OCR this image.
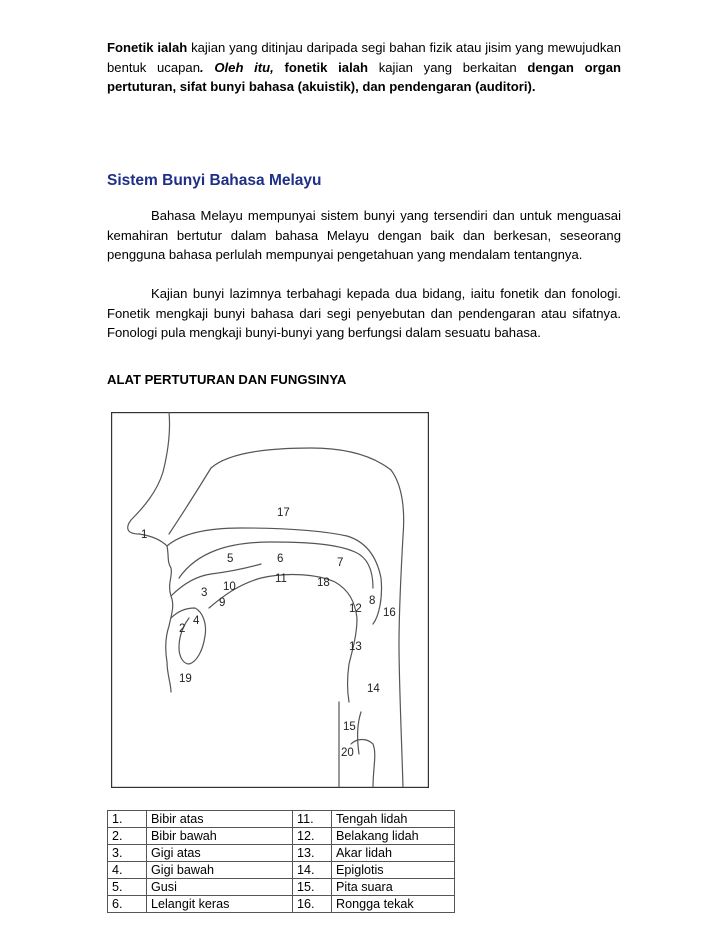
Fonetik ialah kajian yang ditinjau daripada segi bahan fizik atau jisim yang mewujudkan bentuk ucapan. Oleh itu, fonetik ialah kajian yang berkaitan dengan organ pertuturan, sifat bunyi bahasa (akuistik), dan pendengaran (auditori).

Sistem Bunyi Bahasa Melayu

Bahasa Melayu mempunyai sistem bunyi yang tersendiri dan untuk menguasai kemahiran bertutur dalam bahasa Melayu dengan baik dan berkesan, seseorang pengguna bahasa perlulah mempunyai pengetahuan yang mendalam tentangnya.

Kajian bunyi lazimnya terbahagi kepada dua bidang, iaitu fonetik dan fonologi. Fonetik mengkaji bunyi bahasa dari segi penyebutan dan pendengaran atau sifatnya. Fonologi pula mengkaji bunyi-bunyi yang berfungsi dalam sesuatu bahasa.

ALAT PERTUTURAN DAN FUNGSINYA
1
2
3
4
5	6	7
8
9
10
11
12
13
14
15
16
17
18
19
20
1.	Bibir atas	11.	Tengah lidah
2.	Bibir bawah	12.	Belakang lidah
3.	Gigi atas	13.	Akar lidah
4.	Gigi bawah	14.	Epiglotis
5.	Gusi	15.	Pita suara
6.	Lelangit keras	16.	Rongga tekak
